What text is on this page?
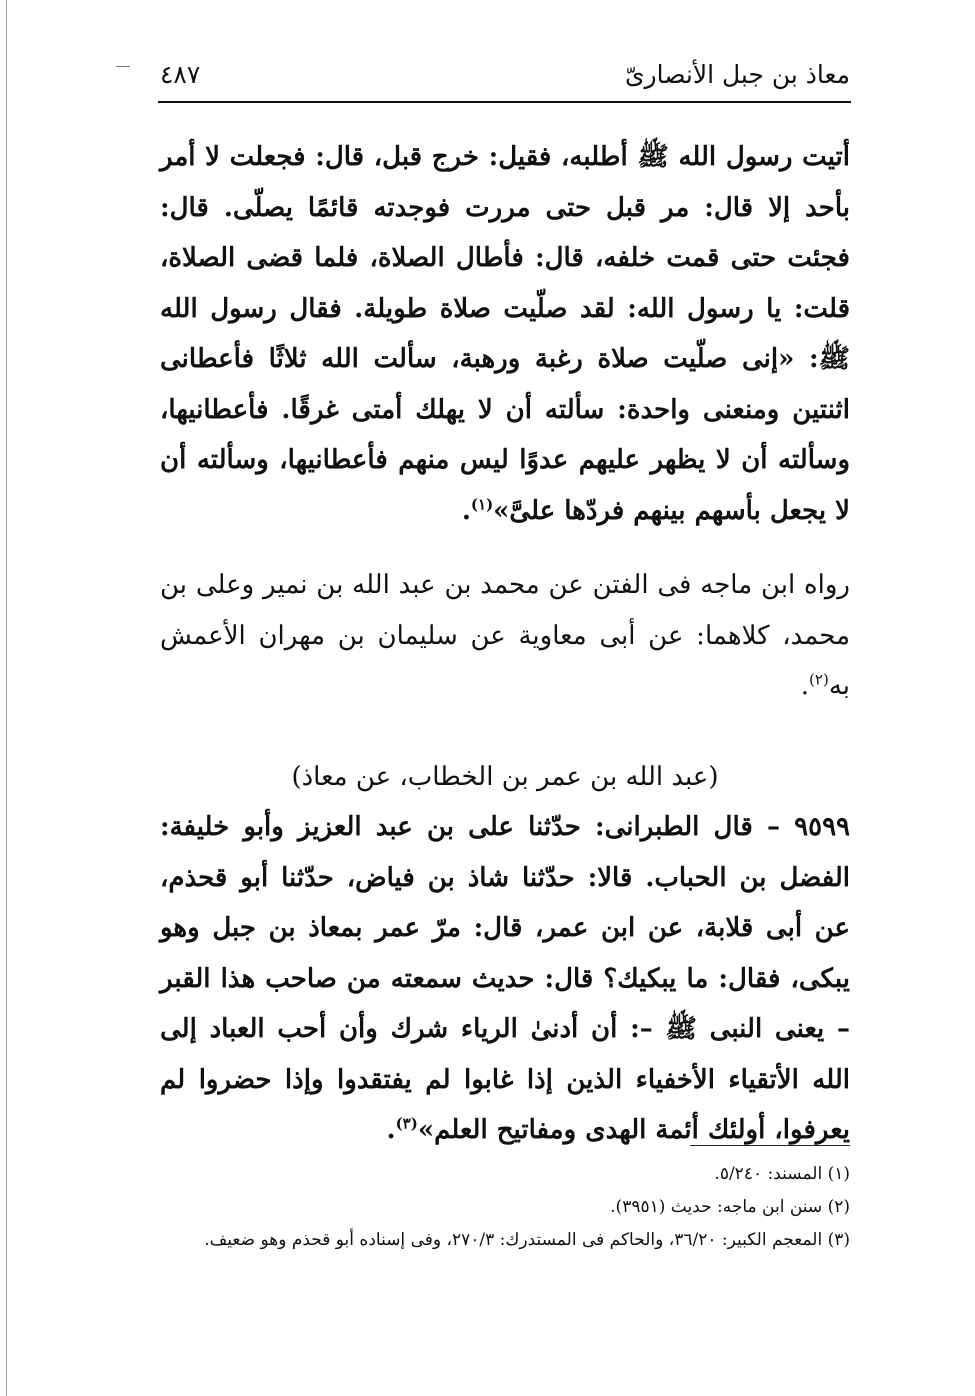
معاذ بن جبل الأنصارىّ
٤٨٧

أتيت رسول الله ﷺ أطلبه، فقيل: خرج قبل، قال: فجعلت لا أمر بأحد إلا قال: مر قبل حتى مررت فوجدته قائمًا يصلّى. قال: فجئت حتى قمت خلفه، قال: فأطال الصلاة، فلما قضى الصلاة، قلت: يا رسول الله: لقد صلّيت صلاة طويلة. فقال رسول الله ﷺ: «إنى صلّيت صلاة رغبة ورهبة، سألت الله ثلاثًا فأعطانى اثنتين ومنعنى واحدة: سألته أن لا يهلك أمتى غرقًا. فأعطانيها، وسألته أن لا يظهر عليهم عدوًا ليس منهم فأعطانيها، وسألته أن لا يجعل بأسهم بينهم فردّها علىَّ»$^{(١)}$.

رواه ابن ماجه فى الفتن عن محمد بن عبد الله بن نمير وعلى بن محمد، كلاهما: عن أبى معاوية عن سليمان بن مهران الأعمش به$^{(٢)}$.

(عبد الله بن عمر بن الخطاب، عن معاذ)

٩٥٩٩ – قال الطبرانى: حدّثنا على بن عبد العزيز وأبو خليفة: الفضل بن الحباب. قالا: حدّثنا شاذ بن فياض، حدّثنا أبو قحذم، عن أبى قلابة، عن ابن عمر، قال: مرّ عمر بمعاذ بن جبل وهو يبكى، فقال: ما يبكيك؟ قال: حديث سمعته من صاحب هذا القبر – يعنى النبى ﷺ –: أن أدنىٰ الرياء شرك وأن أحب العباد إلى الله الأتقياء الأخفياء الذين إذا غابوا لم يفتقدوا وإذا حضروا لم يعرفوا، أولئك أئمة الهدى ومفاتيح العلم»$^{(٣)}$.

(١) المسند: ٥/٢٤٠.

(٢) سنن ابن ماجه: حديث (٣٩٥١).

(٣) المعجم الكبير: ٣٦/٢٠، والحاكم فى المستدرك: ٢٧٠/٣، وفى إسناده أبو قحذم وهو ضعيف.
